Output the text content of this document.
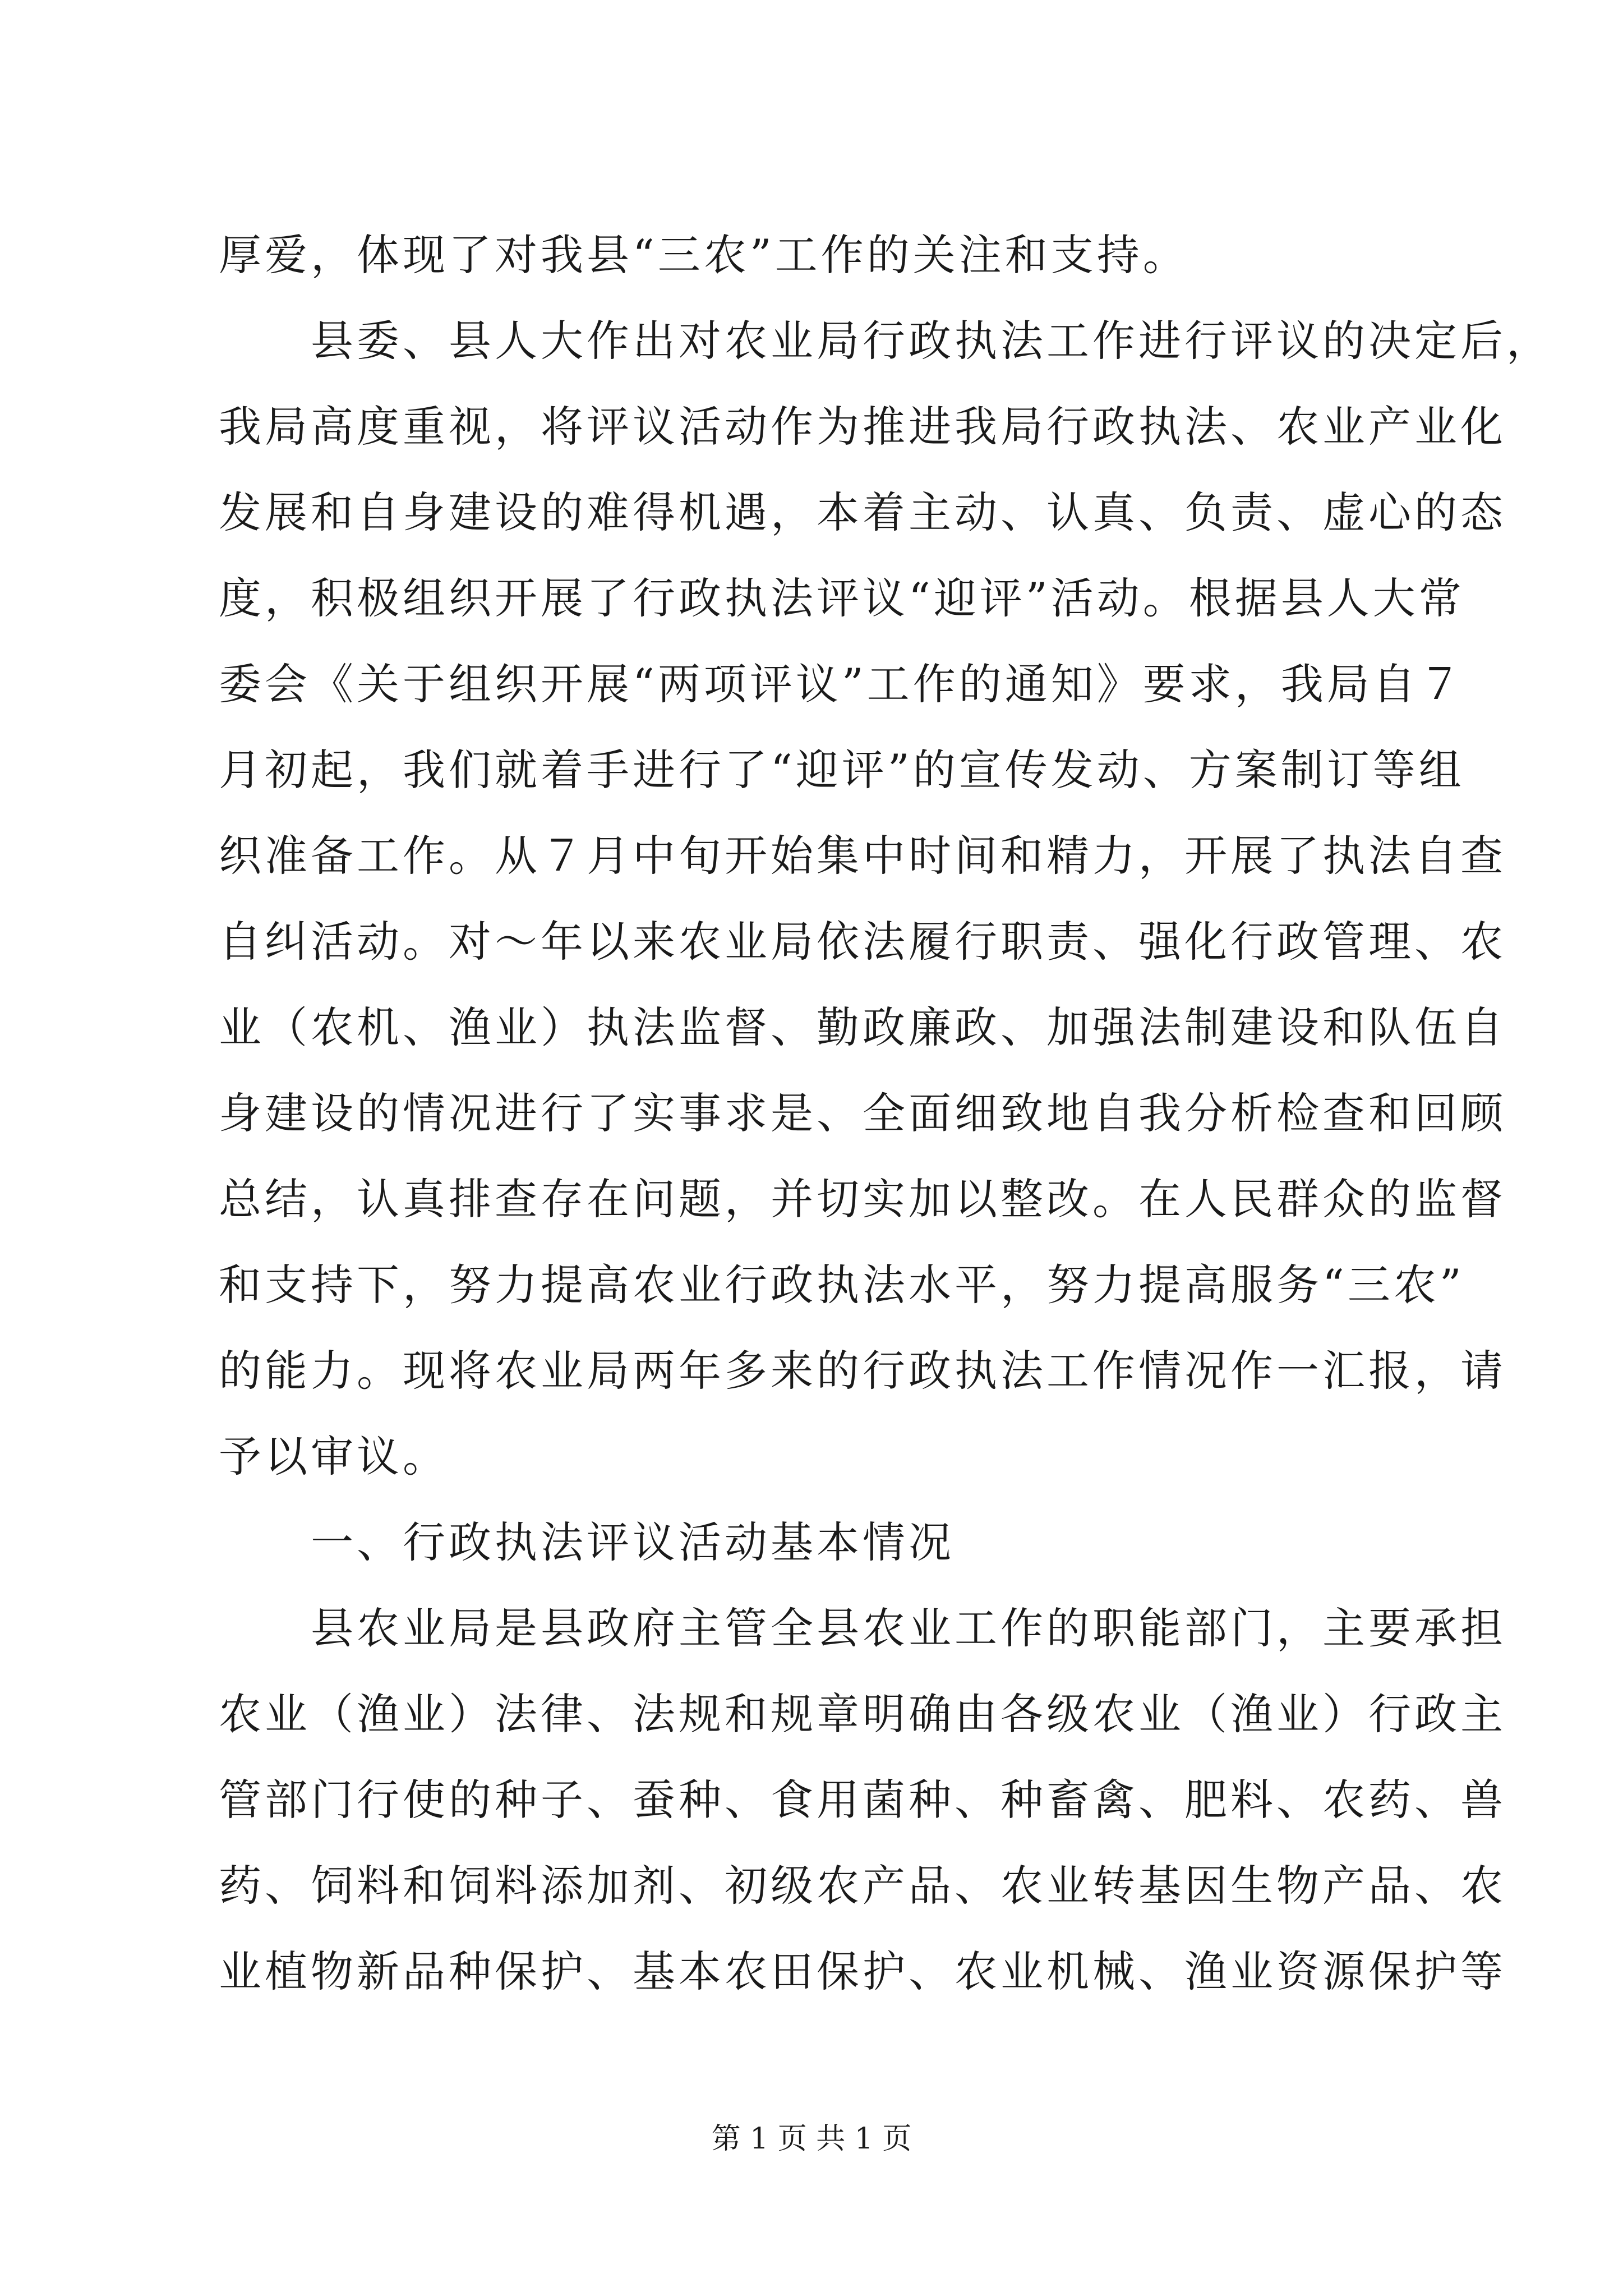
厚爱，体现了对我县“三农”工作的关注和支持。
　　县委、县人大作出对农业局行政执法工作进行评议的决定后，
我局高度重视，将评议活动作为推进我局行政执法、农业产业化
发展和自身建设的难得机遇，本着主动、认真、负责、虚心的态
度，积极组织开展了行政执法评议“迎评”活动。根据县人大常
委会《关于组织开展“两项评议”工作的通知》要求，我局自７
月初起，我们就着手进行了“迎评”的宣传发动、方案制订等组
织准备工作。从７月中旬开始集中时间和精力，开展了执法自查
自纠活动。对～年以来农业局依法履行职责、强化行政管理、农
业（农机、渔业）执法监督、勤政廉政、加强法制建设和队伍自
身建设的情况进行了实事求是、全面细致地自我分析检查和回顾
总结，认真排查存在问题，并切实加以整改。在人民群众的监督
和支持下，努力提高农业行政执法水平，努力提高服务“三农”
的能力。现将农业局两年多来的行政执法工作情况作一汇报，请
予以审议。
　　一、行政执法评议活动基本情况
　　县农业局是县政府主管全县农业工作的职能部门，主要承担
农业（渔业）法律、法规和规章明确由各级农业（渔业）行政主
管部门行使的种子、蚕种、食用菌种、种畜禽、肥料、农药、兽
药、饲料和饲料添加剂、初级农产品、农业转基因生物产品、农
业植物新品种保护、基本农田保护、农业机械、渔业资源保护等
第 1 页 共 1 页
